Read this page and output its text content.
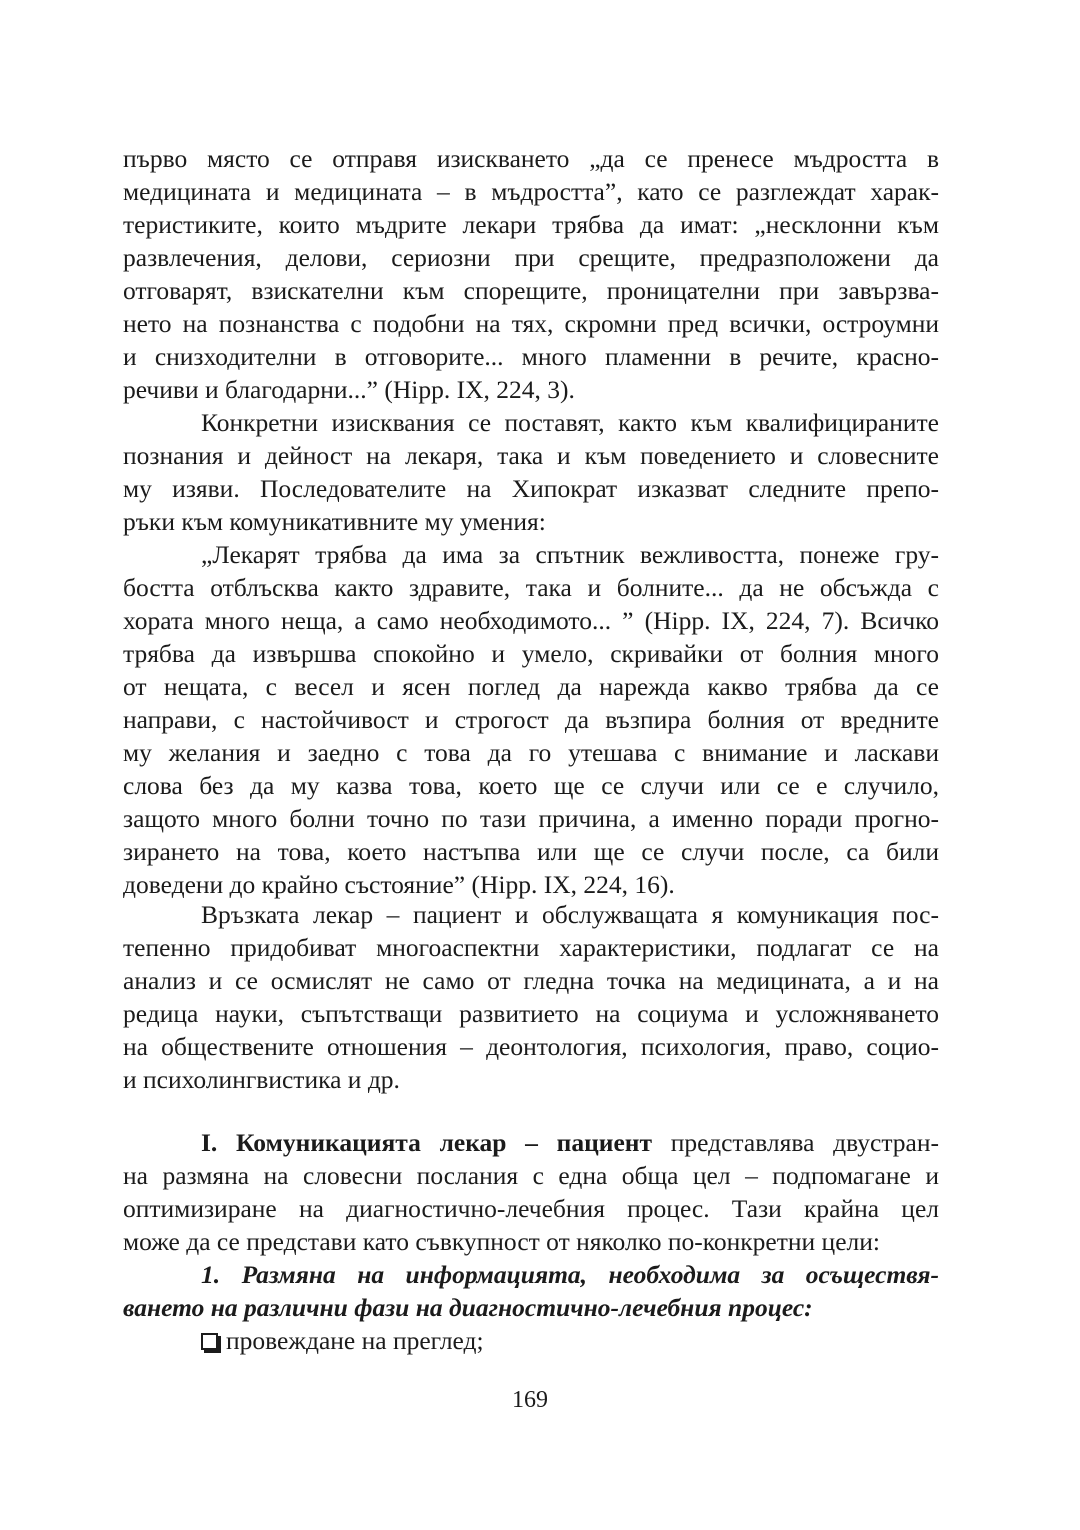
първо място се отправя изискването „да се пренесе мъдростта в
медицината и медицината – в мъдростта”, като се разглеждат харак-
теристиките, които мъдрите лекари трябва да имат: „несклонни към
развлечения, делови, сериозни при срещите, предразположени да
отговарят, взискателни към спорещите, проницателни при завързва-
нето на познанства с подобни на тях, скромни пред всички, остроумни
и снизходителни в отговорите... много пламенни в речите, красно-
речиви и благодарни...” (Hipp. IX, 224, 3).
Конкретни изисквания се поставят, както към квалифицираните
познания и дейност на лекаря, така и към поведението и словесните
му изяви. Последователите на Хипократ изказват следните препо-
ръки към комуникативните му умения:
„Лекарят трябва да има за спътник вежливостта, понеже гру-
бостта отблъсква както здравите, така и болните... да не обсъжда с
хората много неща, а само необходимото... ” (Hipp. IX, 224, 7). Всичко
трябва да извършва спокойно и умело, скривайки от болния много
от нещата, с весел и ясен поглед да нарежда какво трябва да се
направи, с настойчивост и строгост да възпира болния от вредните
му желания и заедно с това да го утешава с внимание и ласкави
слова без да му казва това, което ще се случи или се е случило,
защото много болни точно по тази причина, а именно поради прогно-
зирането на това, което настъпва или ще се случи после, са били
доведени до крайно състояние” (Hipp. IX, 224, 16).
Връзката лекар – пациент и обслужващата я комуникация пос-
тепенно придобиват многоаспектни характеристики, подлагат се на
анализ и се осмислят не само от гледна точка на медицината, а и на
редица науки, съпътстващи развитието на социума и усложняването
на обществените отношения – деонтология, психология, право, социо-
и психолингвистика и др.
I. Комуникацията лекар – пациент представлява двустран-
на размяна на словесни послания с една обща цел – подпомагане и
оптимизиране на диагностично-лечебния процес. Тази крайна цел
може да се представи като съвкупност от няколко по-конкретни цели:
1. Размяна на информацията, необходима за осъществя-
ването на различни фази на диагностично-лечебния процес:
провеждане на преглед;
169
